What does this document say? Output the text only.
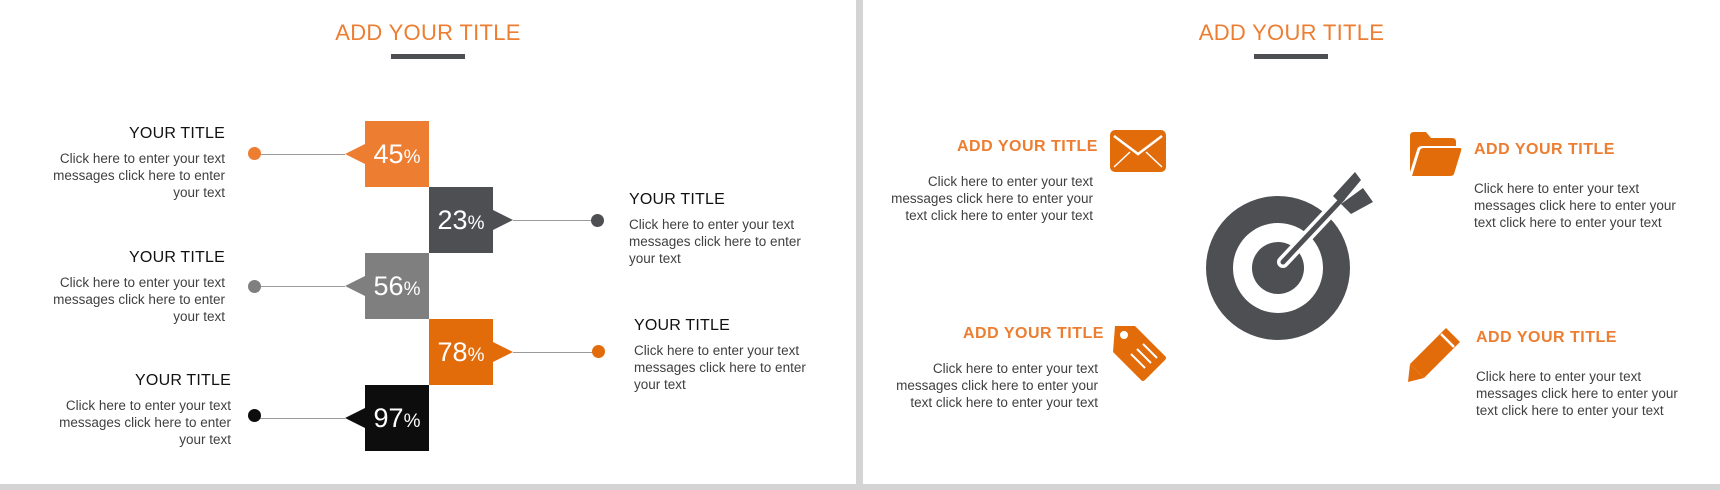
ADD YOUR TITLE
45 %
23 %
56 %
78 %
97 %
YOUR TITLE
Click here to enter your text messages click here to enter your text	YOUR TITLE
Click here to enter your text messages click here to enter your text
YOUR TITLE
Click here to enter your text messages click here to enter your text
YOUR TITLE
Click here to enter your text messages click here to enter your text
YOUR TITLE
Click here to enter your text messages click here to enter your text
ADD YOUR TITLE
ADD YOUR TITLE
Click here to enter your text messages click here to enter your text click here to enter your text
ADD YOUR TITLE
Click here to enter your text messages click here to enter your text click here to enter your text
ADD YOUR TITLE
Click here to enter your text messages click here to enter your text click here to enter your text
ADD YOUR TITLE
Click here to enter your text messages click here to enter your text click here to enter your text
